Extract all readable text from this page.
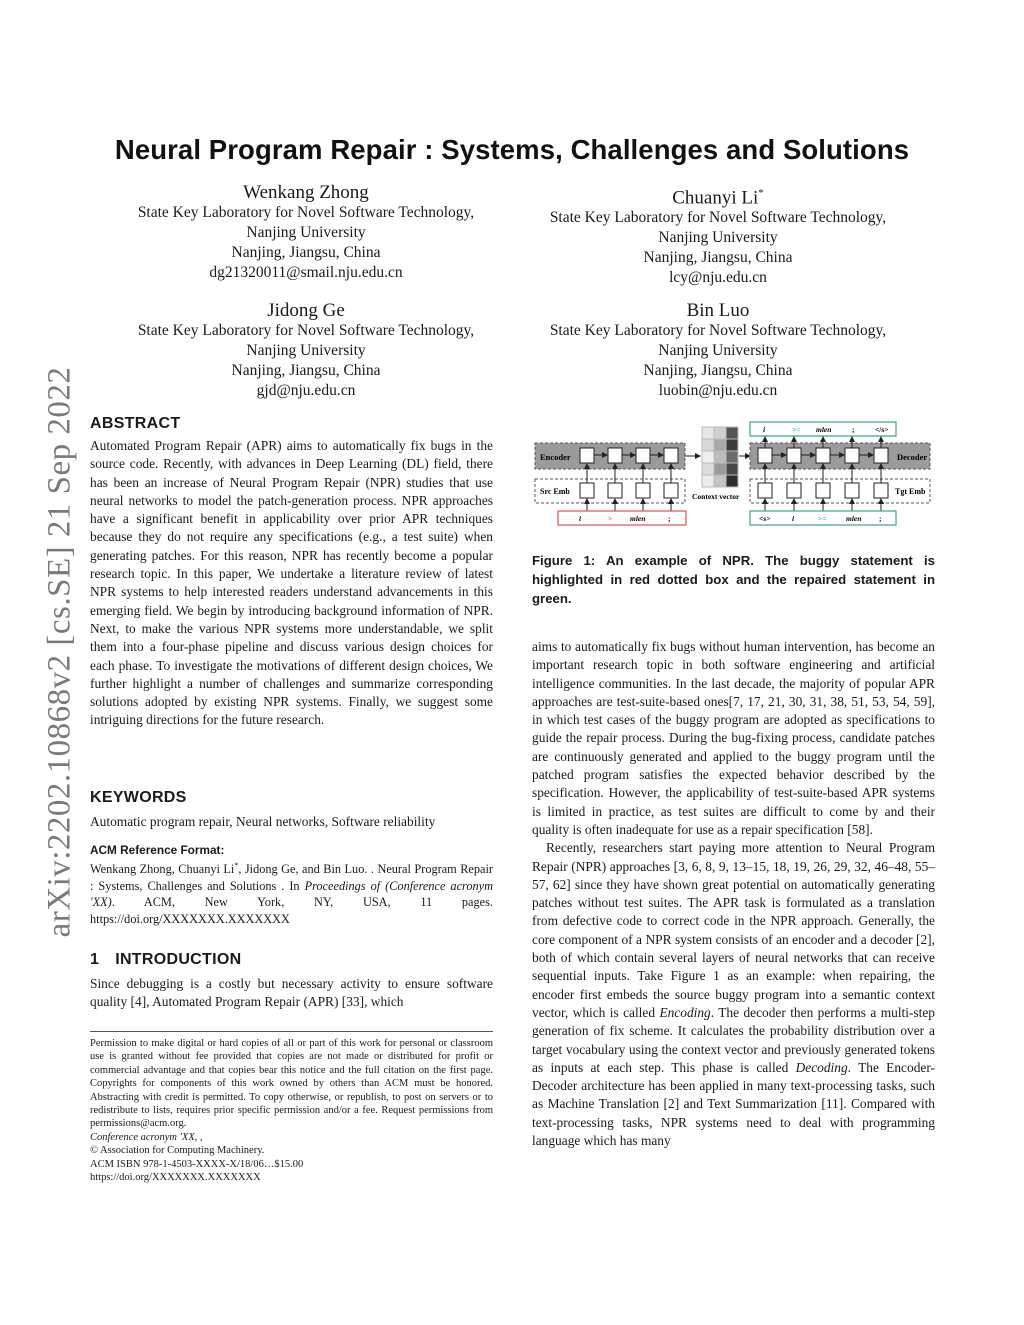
arXiv:2202.10868v2 [cs.SE] 21 Sep 2022
Neural Program Repair : Systems, Challenges and Solutions
Wenkang Zhong
State Key Laboratory for Novel Software Technology,
Nanjing University
Nanjing, Jiangsu, China
dg21320011@smail.nju.edu.cn
Chuanyi Li*
State Key Laboratory for Novel Software Technology,
Nanjing University
Nanjing, Jiangsu, China
lcy@nju.edu.cn
Jidong Ge
State Key Laboratory for Novel Software Technology,
Nanjing University
Nanjing, Jiangsu, China
gjd@nju.edu.cn
Bin Luo
State Key Laboratory for Novel Software Technology,
Nanjing University
Nanjing, Jiangsu, China
luobin@nju.edu.cn
ABSTRACT
Automated Program Repair (APR) aims to automatically fix bugs in the source code. Recently, with advances in Deep Learning (DL) field, there has been an increase of Neural Program Repair (NPR) studies that use neural networks to model the patch-generation process. NPR approaches have a significant benefit in applicability over prior APR techniques because they do not require any specifications (e.g., a test suite) when generating patches. For this reason, NPR has recently become a popular research topic. In this paper, We undertake a literature review of latest NPR systems to help interested readers understand advancements in this emerging field. We begin by introducing background information of NPR. Next, to make the various NPR systems more understandable, we split them into a four-phase pipeline and discuss various design choices for each phase. To investigate the motivations of different design choices, We further highlight a number of challenges and summarize corresponding solutions adopted by existing NPR systems. Finally, we suggest some intriguing directions for the future research.
KEYWORDS
Automatic program repair, Neural networks, Software reliability
ACM Reference Format:
Wenkang Zhong, Chuanyi Li*, Jidong Ge, and Bin Luo. . Neural Program Repair : Systems, Challenges and Solutions . In Proceedings of (Conference acronym 'XX). ACM, New York, NY, USA, 11 pages. https://doi.org/XXXXXXX.XXXXXXX
1 INTRODUCTION
Since debugging is a costly but necessary activity to ensure software quality [4], Automated Program Repair (APR) [33], which
Permission to make digital or hard copies of all or part of this work for personal or classroom use is granted without fee provided that copies are not made or distributed for profit or commercial advantage and that copies bear this notice and the full citation on the first page. Copyrights for components of this work owned by others than ACM must be honored. Abstracting with credit is permitted. To copy otherwise, or republish, to post on servers or to redistribute to lists, requires prior specific permission and/or a fee. Request permissions from permissions@acm.org.
Conference acronym 'XX, ,
© Association for Computing Machinery.
ACM ISBN 978-1-4503-XXXX-X/18/06…$15.00
https://doi.org/XXXXXXX.XXXXXXX
Encoder
Src Emb
i	> mlen	;
Context vector
i	>= mlen	;	</s>
Decoder
Tgt Emb
<s>	i	>=	mlen ;
Figure 1: An example of NPR. The buggy statement is highlighted in red dotted box and the repaired statement in green.
aims to automatically fix bugs without human intervention, has become an important research topic in both software engineering and artificial intelligence communities. In the last decade, the majority of popular APR approaches are test-suite-based ones[7, 17, 21, 30, 31, 38, 51, 53, 54, 59], in which test cases of the buggy program are adopted as specifications to guide the repair process. During the bug-fixing process, candidate patches are continuously generated and applied to the buggy program until the patched program satisfies the expected behavior described by the specification. However, the applicability of test-suite-based APR systems is limited in practice, as test suites are difficult to come by and their quality is often inadequate for use as a repair specification [58].
Recently, researchers start paying more attention to Neural Program Repair (NPR) approaches [3, 6, 8, 9, 13–15, 18, 19, 26, 29, 32, 46–48, 55–57, 62] since they have shown great potential on automatically generating patches without test suites. The APR task is formulated as a translation from defective code to correct code in the NPR approach. Generally, the core component of a NPR system consists of an encoder and a decoder [2], both of which contain several layers of neural networks that can receive sequential inputs. Take Figure 1 as an example: when repairing, the encoder first embeds the source buggy program into a semantic context vector, which is called Encoding. The decoder then performs a multi-step generation of fix scheme. It calculates the probability distribution over a target vocabulary using the context vector and previously generated tokens as inputs at each step. This phase is called Decoding. The Encoder-Decoder architecture has been applied in many text-processing tasks, such as Machine Translation [2] and Text Summarization [11]. Compared with text-processing tasks, NPR systems need to deal with programming language which has many
